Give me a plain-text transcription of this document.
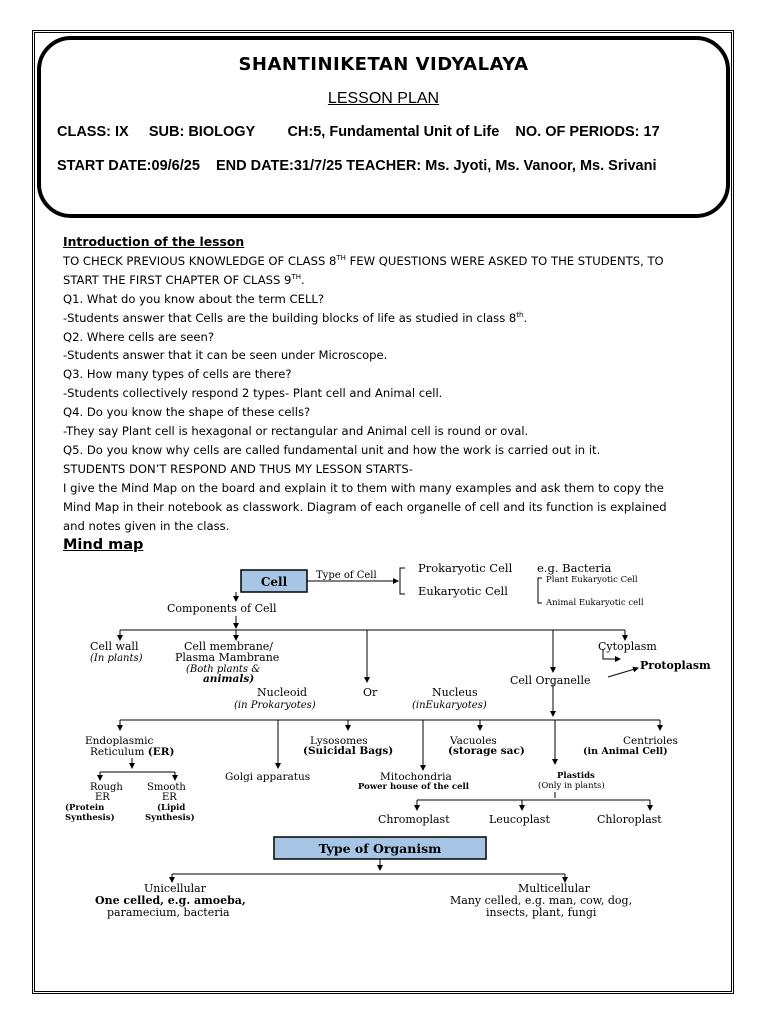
SHANTINIKETAN VIDYALAYA
LESSON PLAN
CLASS: IX SUB: BIOLOGY CH:5, Fundamental Unit of Life NO. OF PERIODS: 17
START DATE:09/6/25 END DATE:31/7/25 TEACHER: Ms. Jyoti, Ms. Vanoor, Ms. Srivani

Introduction of the lesson

TO CHECK PREVIOUS KNOWLEDGE OF CLASS 8TH FEW QUESTIONS WERE ASKED TO THE STUDENTS, TO

START THE FIRST CHAPTER OF CLASS 9TH.

Q1. What do you know about the term CELL?

-Students answer that Cells are the building blocks of life as studied in class 8th.

Q2. Where cells are seen?

-Students answer that it can be seen under Microscope.

Q3. How many types of cells are there?

-Students collectively respond 2 types- Plant cell and Animal cell.

Q4. Do you know the shape of these cells?

-They say Plant cell is hexagonal or rectangular and Animal cell is round or oval.

Q5. Do you know why cells are called fundamental unit and how the work is carried out in it.

STUDENTS DON’T RESPOND AND THUS MY LESSON STARTS-

I give the Mind Map on the board and explain it to them with many examples and ask them to copy the

Mind Map in their notebook as classwork. Diagram of each organelle of cell and its function is explained

and notes given in the class.

Mind map
Cell	Type of Cell
Prokaryotic Cell e.g. Bacteria
Eukaryotic Cell
Plant Eukaryotic Cell
Animal Eukaryotic cell
Components of Cell
Cell wall
(In plants)
Cell membrane/
Plasma Mambrane
(Both plants &
animals)
Cytoplasm
Protoplasm
Cell Organelle
Nucleoid	Or	Nucleus
(in Prokaryotes)	(inEukaryotes)
Endoplasmic
Reticulum (ER)
Lysosomes
(Suicidal Bags)
Vacuoles
(storage sac)
Centrioles
(in Animal Cell)
Rough
ER
(Protein
Synthesis)
Smooth
ER
(Lipid
Synthesis)
Golgi apparatus	Mitochondria
Power house of the cell
Plastids
(Only in plants)
Chromoplast	Leucoplast	Chloroplast
Type of Organism
Unicellular
One celled, e.g. amoeba,
paramecium, bacteria
Multicellular
Many celled, e.g. man, cow, dog,
insects, plant, fungi
